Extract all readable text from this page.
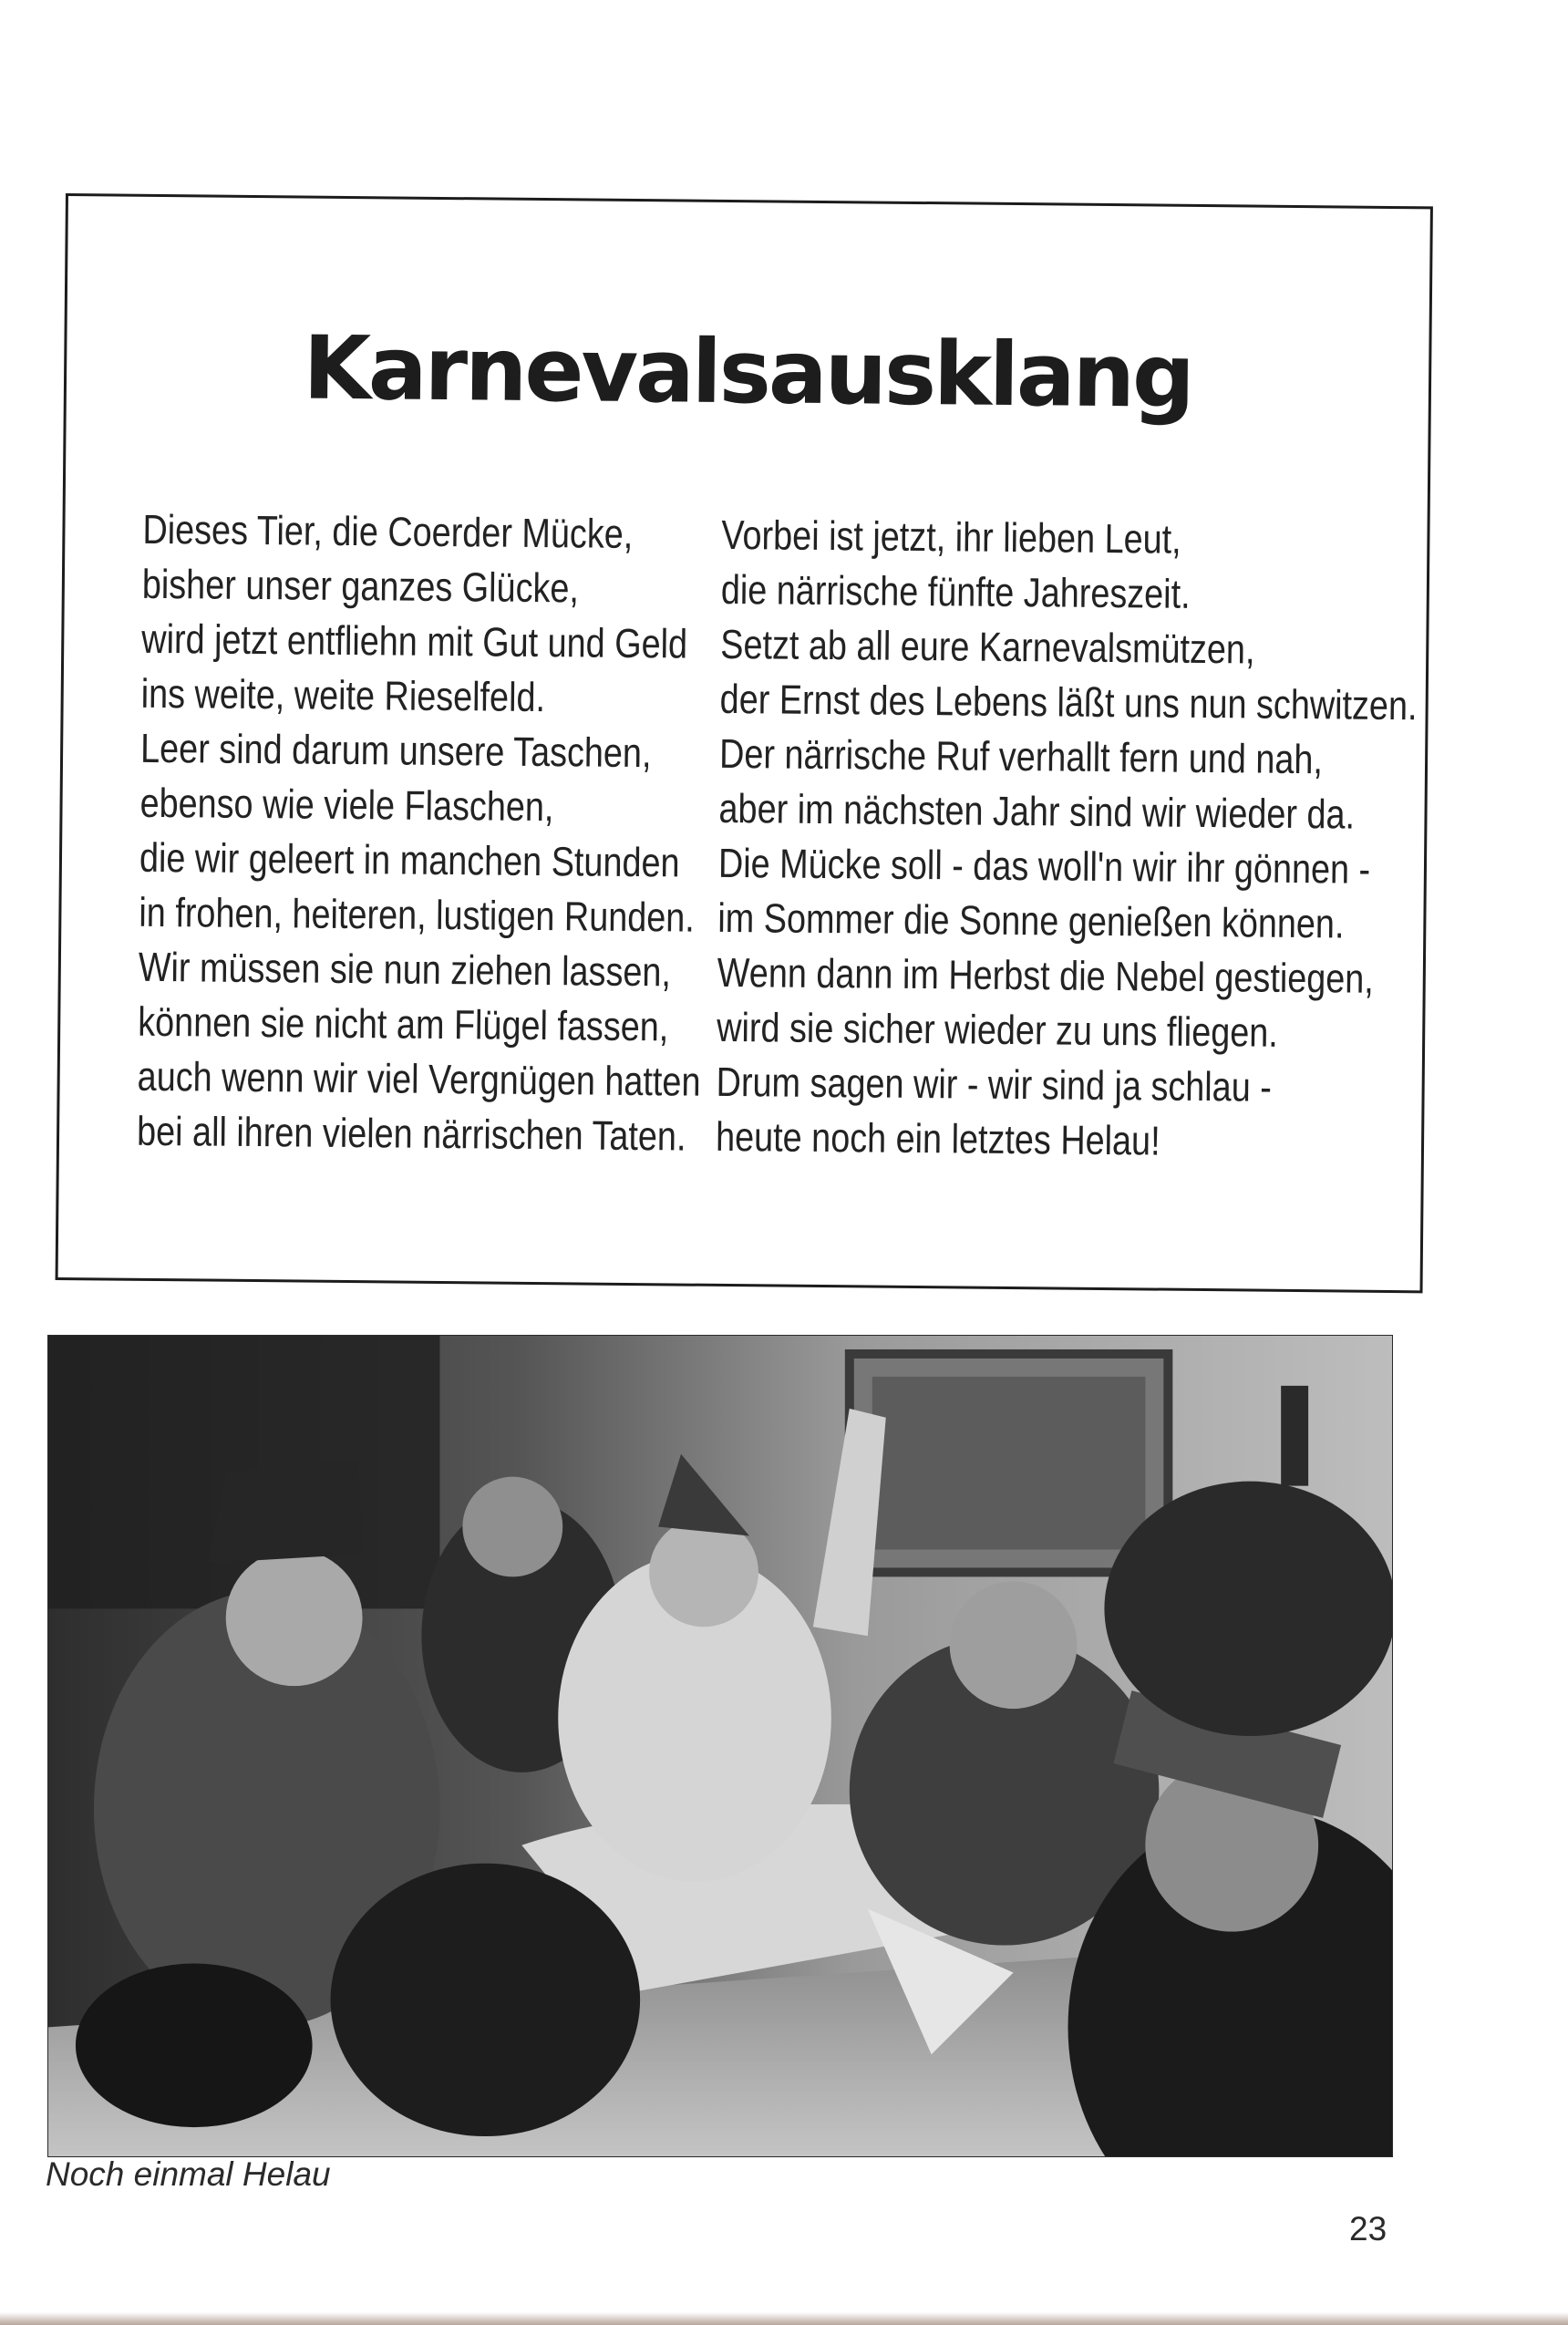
Karnevalsausklang
Dieses Tier, die Coerder Mücke,
bisher unser ganzes Glücke,
wird jetzt entfliehn mit Gut und Geld
ins weite, weite Rieselfeld.
Leer sind darum unsere Taschen,
ebenso wie viele Flaschen,
die wir geleert in manchen Stunden
in frohen, heiteren, lustigen Runden.
Wir müssen sie nun ziehen lassen,
können sie nicht am Flügel fassen,
auch wenn wir viel Vergnügen hatten
bei all ihren vielen närrischen Taten.
Vorbei ist jetzt, ihr lieben Leut,
die närrische fünfte Jahreszeit.
Setzt ab all eure Karnevalsmützen,
der Ernst des Lebens läßt uns nun schwitzen.
Der närrische Ruf verhallt fern und nah,
aber im nächsten Jahr sind wir wieder da.
Die Mücke soll - das woll'n wir ihr gönnen -
im Sommer die Sonne genießen können.
Wenn dann im Herbst die Nebel gestiegen,
wird sie sicher wieder zu uns fliegen.
Drum sagen wir - wir sind ja schlau -
heute noch ein letztes Helau!

Noch einmal Helau

23
